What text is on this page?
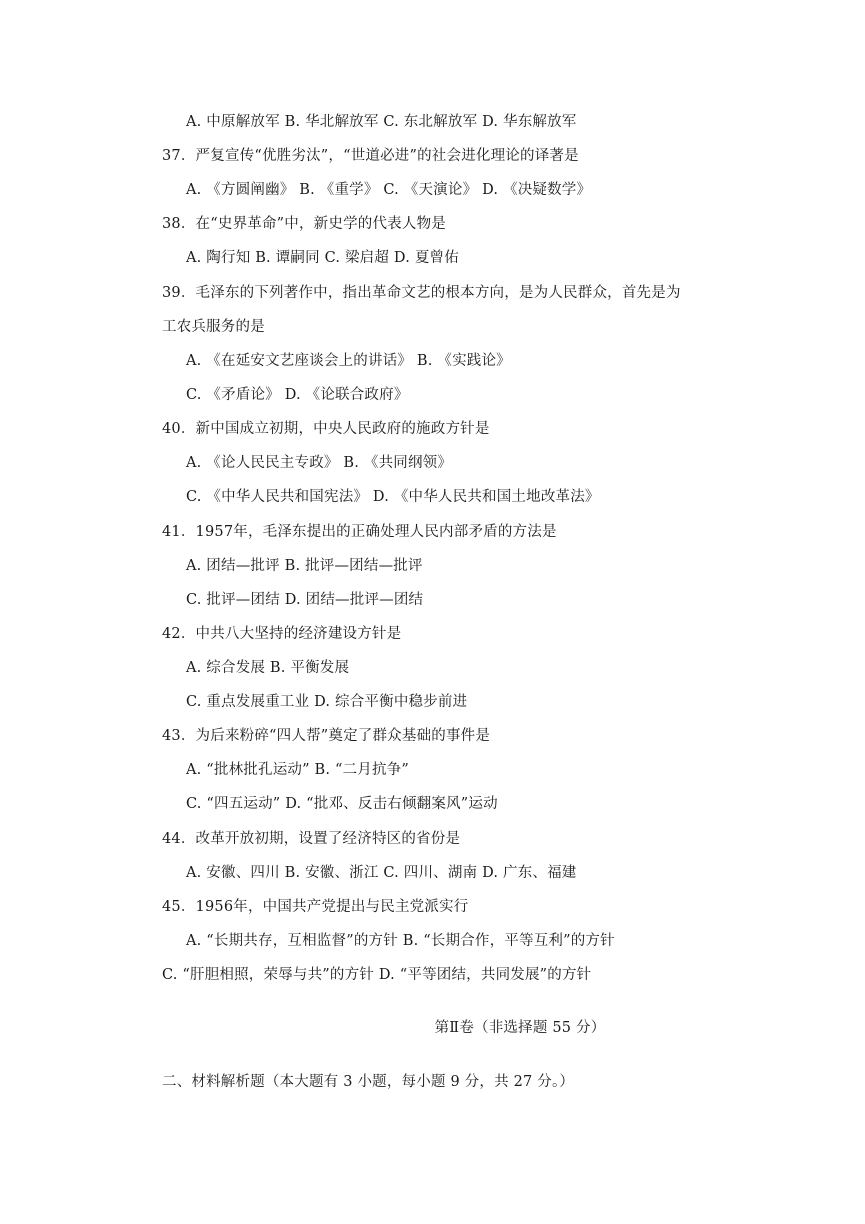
A. 中原解放军 B. 华北解放军 C. 东北解放军 D. 华东解放军
37．严复宣传“优胜劣汰”，“世道必进”的社会进化理论的译著是
A. 《方圆阐幽》 B. 《重学》 C. 《天演论》 D. 《决疑数学》
38．在“史界革命”中，新史学的代表人物是
A. 陶行知 B. 谭嗣同 C. 梁启超 D. 夏曾佑
39．毛泽东的下列著作中，指出革命文艺的根本方向，是为人民群众，首先是为
工农兵服务的是
A. 《在延安文艺座谈会上的讲话》 B. 《实践论》
C. 《矛盾论》 D. 《论联合政府》
40．新中国成立初期，中央人民政府的施政方针是
A. 《论人民民主专政》 B. 《共同纲领》
C. 《中华人民共和国宪法》 D. 《中华人民共和国土地改革法》
41．1957年，毛泽东提出的正确处理人民内部矛盾的方法是
A. 团结—批评 B. 批评—团结—批评
C. 批评—团结 D. 团结—批评—团结
42．中共八大坚持的经济建设方针是
A. 综合发展 B. 平衡发展
C. 重点发展重工业 D. 综合平衡中稳步前进
43．为后来粉碎“四人帮”奠定了群众基础的事件是
A. “批林批孔运动” B. “二月抗争”
C. “四五运动” D. “批邓、反击右倾翻案风”运动
44．改革开放初期，设置了经济特区的省份是
A. 安徽、四川 B. 安徽、浙江 C. 四川、湖南 D. 广东、福建
45．1956年，中国共产党提出与民主党派实行
A. “长期共存，互相监督”的方针 B. “长期合作，平等互利”的方针
C. “肝胆相照，荣辱与共”的方针 D. “平等团结，共同发展”的方针
第Ⅱ卷（非选择题 55 分）
二、材料解析题（本大题有 3 小题，每小题 9 分，共 27 分。）
